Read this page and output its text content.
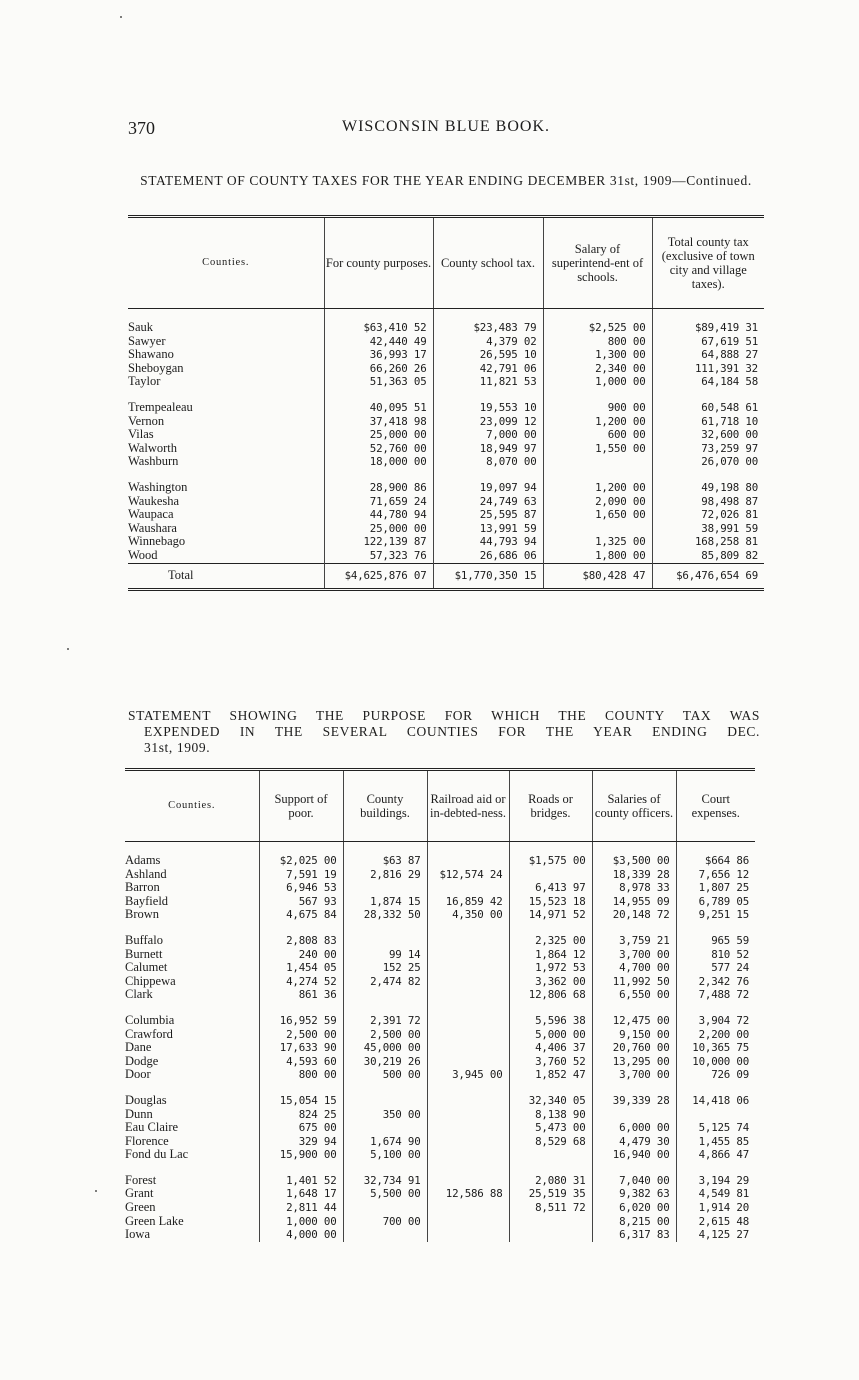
370	WISCONSIN BLUE BOOK.
STATEMENT OF COUNTY TAXES FOR THE YEAR ENDING DECEMBER 31st, 1909—Continued.
Counties.	For county purposes.	County school tax.	Salary of superintend-ent of schools.	Total county tax (exclusive of town city and village taxes).

Sauk	$63,410 52	$23,483 79	$2,525 00	$89,419 31
Sawyer	42,440 49	4,379 02	800 00	67,619 51
Shawano	36,993 17	26,595 10	1,300 00	64,888 27
Sheboygan	66,260 26	42,791 06	2,340 00	111,391 32
Taylor	51,363 05	11,821 53	1,000 00	64,184 58

Trempealeau	40,095 51	19,553 10	900 00	60,548 61
Vernon	37,418 98	23,099 12	1,200 00	61,718 10
Vilas	25,000 00	7,000 00	600 00	32,600 00
Walworth	52,760 00	18,949 97	1,550 00	73,259 97
Washburn	18,000 00	8,070 00		26,070 00

Washington	28,900 86	19,097 94	1,200 00	49,198 80
Waukesha	71,659 24	24,749 63	2,090 00	98,498 87
Waupaca	44,780 94	25,595 87	1,650 00	72,026 81
Waushara	25,000 00	13,991 59		38,991 59
Winnebago	122,139 87	44,793 94	1,325 00	168,258 81
Wood	57,323 76	26,686 06	1,800 00	85,809 82
Total	$4,625,876 07	$1,770,350 15	$80,428 47	$6,476,654 69
STATEMENT SHOWING THE PURPOSE FOR WHICH THE COUNTY TAX WAS
EXPENDED IN THE SEVERAL COUNTIES FOR THE YEAR ENDING DEC.
31st, 1909.
Counties.	Support of poor.	County buildings.	Railroad aid or in-debted-ness.	Roads or bridges.	Salaries of county officers.	Court expenses.

Adams	$2,025 00	$63 87		$1,575 00	$3,500 00	$664 86
Ashland	7,591 19	2,816 29	$12,574 24		18,339 28	7,656 12
Barron	6,946 53			6,413 97	8,978 33	1,807 25
Bayfield	567 93	1,874 15	16,859 42	15,523 18	14,955 09	6,789 05
Brown	4,675 84	28,332 50	4,350 00	14,971 52	20,148 72	9,251 15

Buffalo	2,808 83			2,325 00	3,759 21	965 59
Burnett	240 00	99 14		1,864 12	3,700 00	810 52
Calumet	1,454 05	152 25		1,972 53	4,700 00	577 24
Chippewa	4,274 52	2,474 82		3,362 00	11,992 50	2,342 76
Clark	861 36			12,806 68	6,550 00	7,488 72

Columbia	16,952 59	2,391 72		5,596 38	12,475 00	3,904 72
Crawford	2,500 00	2,500 00		5,000 00	9,150 00	2,200 00
Dane	17,633 90	45,000 00		4,406 37	20,760 00	10,365 75
Dodge	4,593 60	30,219 26		3,760 52	13,295 00	10,000 00
Door	800 00	500 00	3,945 00	1,852 47	3,700 00	726 09

Douglas	15,054 15			32,340 05	39,339 28	14,418 06
Dunn	824 25	350 00		8,138 90		
Eau Claire	675 00			5,473 00	6,000 00	5,125 74
Florence	329 94	1,674 90		8,529 68	4,479 30	1,455 85
Fond du Lac	15,900 00	5,100 00			16,940 00	4,866 47

Forest	1,401 52	32,734 91		2,080 31	7,040 00	3,194 29
Grant	1,648 17	5,500 00	12,586 88	25,519 35	9,382 63	4,549 81
Green	2,811 44			8,511 72	6,020 00	1,914 20
Green Lake	1,000 00	700 00			8,215 00	2,615 48
Iowa	4,000 00				6,317 83	4,125 27
